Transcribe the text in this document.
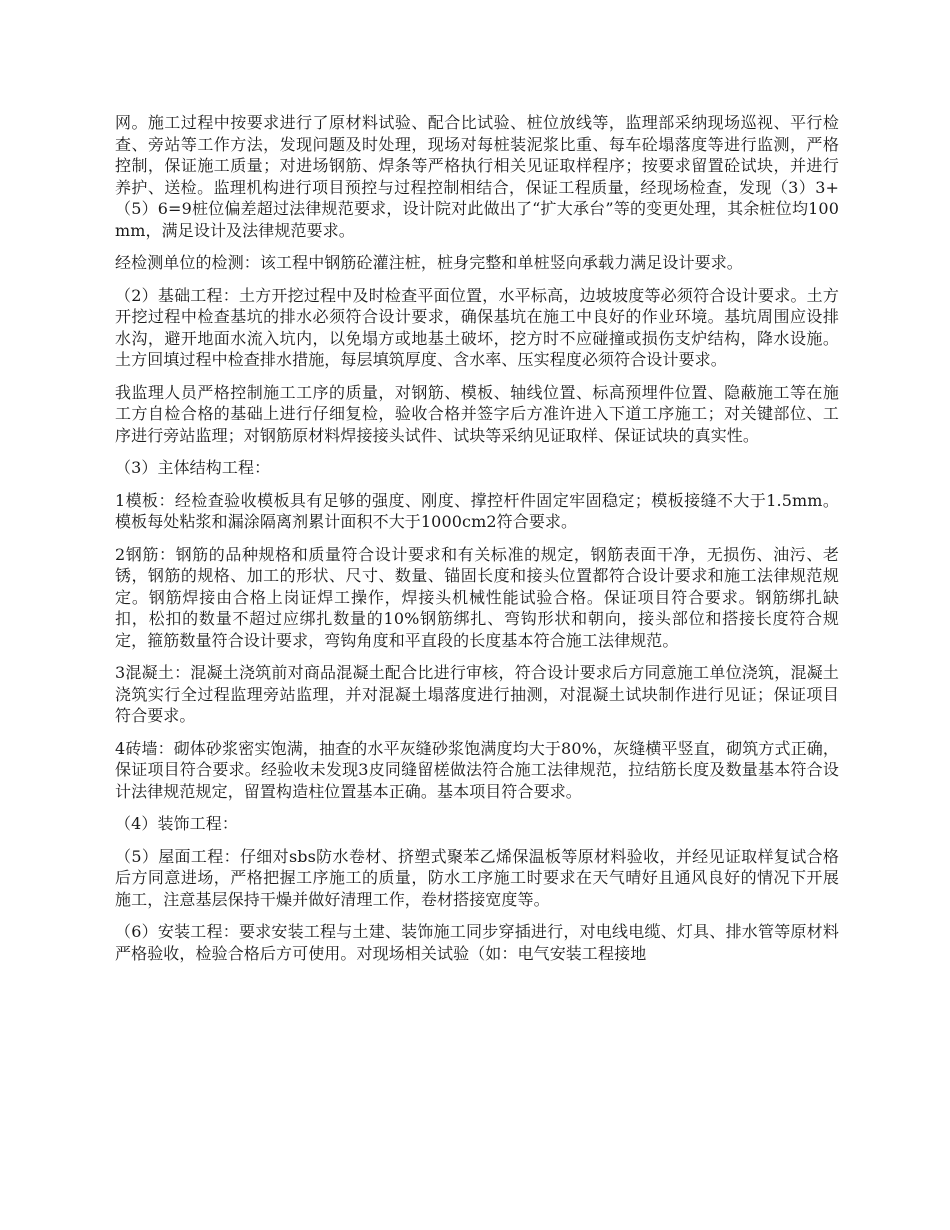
网。施工过程中按要求进行了原材料试验、配合比试验、桩位放线等，监理部采纳现场巡视、平行检查、旁站等工作方法，发现问题及时处理，现场对每桩装泥浆比重、每车砼塌落度等进行监测，严格控制，保证施工质量；对进场钢筋、焊条等严格执行相关见证取样程序；按要求留置砼试块，并进行养护、送检。监理机构进行项目预控与过程控制相结合，保证工程质量，经现场检查，发现（3）3+（5）6=9桩位偏差超过法律规范要求，设计院对此做出了“扩大承台”等的变更处理，其余桩位均100mm，满足设计及法律规范要求。

经检测单位的检测：该工程中钢筋砼灌注桩，桩身完整和单桩竖向承载力满足设计要求。

（2）基础工程：土方开挖过程中及时检查平面位置，水平标高，边坡坡度等必须符合设计要求。土方开挖过程中检查基坑的排水必须符合设计要求，确保基坑在施工中良好的作业环境。基坑周围应设排水沟，避开地面水流入坑内，以免塌方或地基土破坏，挖方时不应碰撞或损伤支炉结构，降水设施。土方回填过程中检查排水措施，每层填筑厚度、含水率、压实程度必须符合设计要求。

我监理人员严格控制施工工序的质量，对钢筋、模板、轴线位置、标高预埋件位置、隐蔽施工等在施工方自检合格的基础上进行仔细复检，验收合格并签字后方准许进入下道工序施工；对关键部位、工序进行旁站监理；对钢筋原材料焊接接头试件、试块等采纳见证取样、保证试块的真实性。

（3）主体结构工程：

1模板：经检查验收模板具有足够的强度、刚度、撑控杆件固定牢固稳定；模板接缝不大于1.5mm。模板每处粘浆和漏涂隔离剂累计面积不大于1000cm2符合要求。

2钢筋：钢筋的品种规格和质量符合设计要求和有关标准的规定，钢筋表面干净，无损伤、油污、老锈，钢筋的规格、加工的形状、尺寸、数量、锚固长度和接头位置都符合设计要求和施工法律规范规定。钢筋焊接由合格上岗证焊工操作，焊接头机械性能试验合格。保证项目符合要求。钢筋绑扎缺扣，松扣的数量不超过应绑扎数量的10%钢筋绑扎、弯钩形状和朝向，接头部位和搭接长度符合规定，箍筋数量符合设计要求，弯钩角度和平直段的长度基本符合施工法律规范。

3混凝土：混凝土浇筑前对商品混凝土配合比进行审核，符合设计要求后方同意施工单位浇筑，混凝土浇筑实行全过程监理旁站监理，并对混凝土塌落度进行抽测，对混凝土试块制作进行见证；保证项目符合要求。

4砖墙：砌体砂浆密实饱满，抽查的水平灰缝砂浆饱满度均大于80%，灰缝横平竖直，砌筑方式正确，保证项目符合要求。经验收未发现3皮同缝留槎做法符合施工法律规范，拉结筋长度及数量基本符合设计法律规范规定，留置构造柱位置基本正确。基本项目符合要求。

（4）装饰工程：

（5）屋面工程：仔细对sbs防水卷材、挤塑式聚苯乙烯保温板等原材料验收，并经见证取样复试合格后方同意进场，严格把握工序施工的质量，防水工序施工时要求在天气晴好且通风良好的情况下开展施工，注意基层保持干燥并做好清理工作，卷材搭接宽度等。

（6）安装工程：要求安装工程与土建、装饰施工同步穿插进行，对电线电缆、灯具、排水管等原材料严格验收，检验合格后方可使用。对现场相关试验（如：电气安装工程接地
